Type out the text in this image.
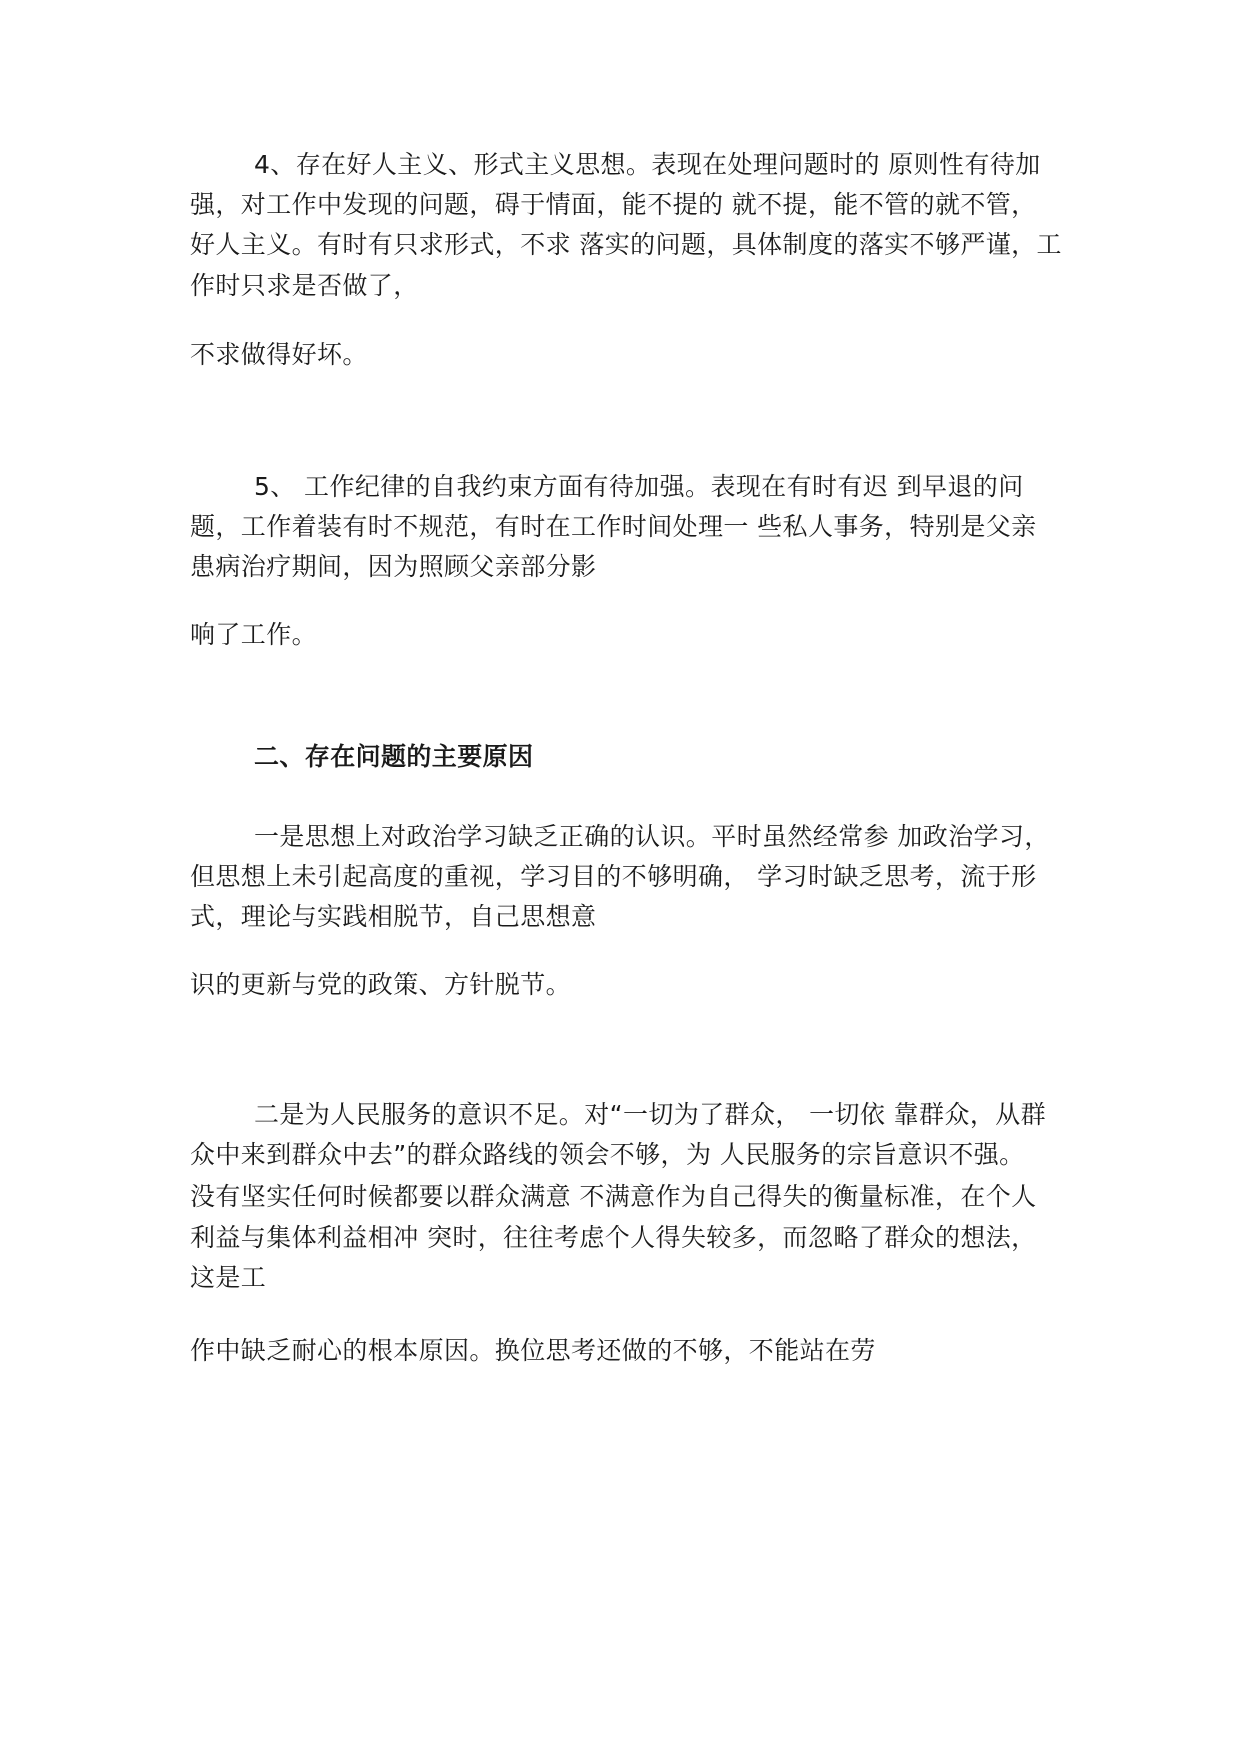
4、存在好人主义、形式主义思想。表现在处理问题时的 原则性有待加
强，对工作中发现的问题，碍于情面，能不提的 就不提，能不管的就不管，
好人主义。有时有只求形式，不求 落实的问题，具体制度的落实不够严谨，工
作时只求是否做了，
不求做得好坏。
5、 工作纪律的自我约束方面有待加强。表现在有时有迟 到早退的问
题，工作着装有时不规范，有时在工作时间处理一 些私人事务，特别是父亲
患病治疗期间，因为照顾父亲部分影
响了工作。
二、存在问题的主要原因
一是思想上对政治学习缺乏正确的认识。平时虽然经常参 加政治学习，
但思想上未引起高度的重视，学习目的不够明确， 学习时缺乏思考，流于形
式，理论与实践相脱节，自己思想意
识的更新与党的政策、方针脱节。
二是为人民服务的意识不足。对“一切为了群众， 一切依 靠群众，从群
众中来到群众中去”的群众路线的领会不够，为 人民服务的宗旨意识不强。
没有坚实任何时候都要以群众满意 不满意作为自己得失的衡量标准，在个人
利益与集体利益相冲 突时，往往考虑个人得失较多，而忽略了群众的想法，
这是工
作中缺乏耐心的根本原因。换位思考还做的不够，不能站在劳
